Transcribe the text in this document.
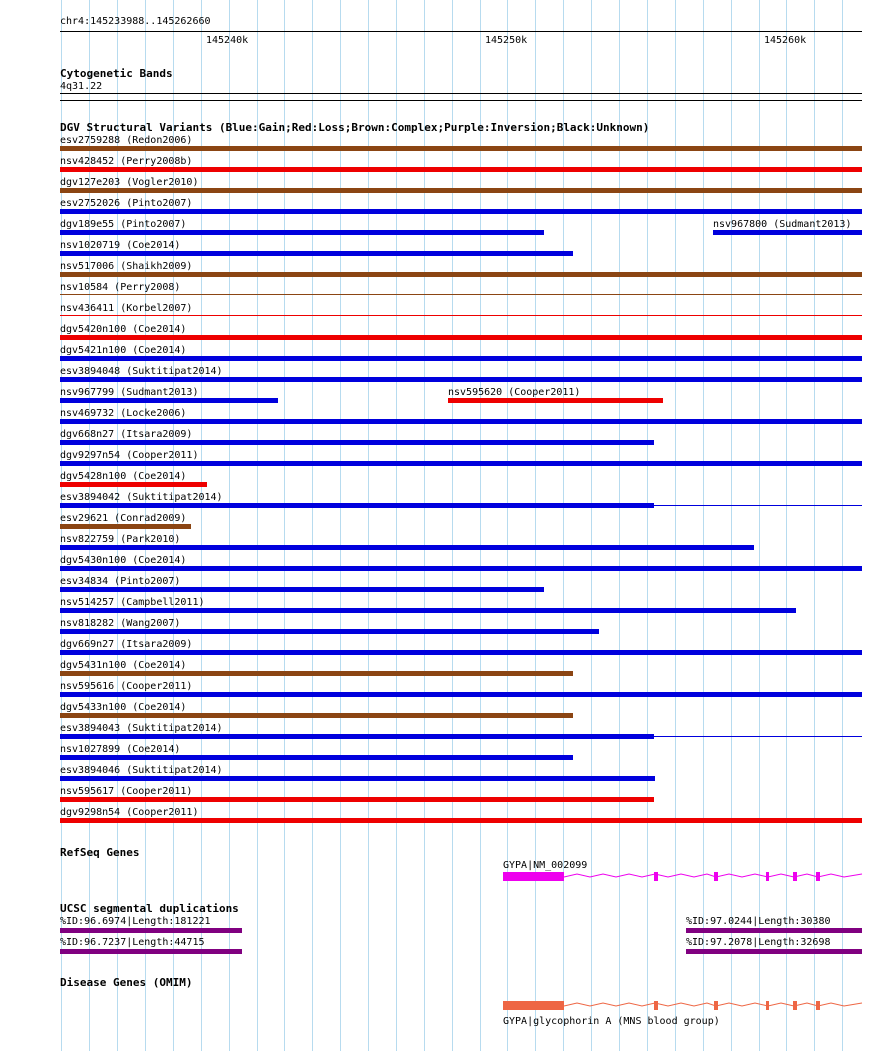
chr4:145233988..145262660
145240k	145250k	145260k
Cytogenetic Bands
4q31.22
DGV Structural Variants (Blue:Gain;Red:Loss;Brown:Complex;Purple:Inversion;Black:Unknown)
esv2759288 (Redon2006)
nsv428452 (Perry2008b)
dgv127e203 (Vogler2010)
esv2752026 (Pinto2007)
dgv189e55 (Pinto2007)	nsv967800 (Sudmant2013)
nsv1020719 (Coe2014)
nsv517006 (Shaikh2009)
nsv10584 (Perry2008)
nsv436411 (Korbel2007)
dgv5420n100 (Coe2014)
dgv5421n100 (Coe2014)
esv3894048 (Suktitipat2014)
nsv967799 (Sudmant2013)	nsv595620 (Cooper2011)
nsv469732 (Locke2006)
dgv668n27 (Itsara2009)
dgv9297n54 (Cooper2011)
dgv5428n100 (Coe2014)
esv3894042 (Suktitipat2014)
esv29621 (Conrad2009)
nsv822759 (Park2010)
dgv5430n100 (Coe2014)
esv34834 (Pinto2007)
nsv514257 (Campbell2011)
nsv818282 (Wang2007)
dgv669n27 (Itsara2009)
dgv5431n100 (Coe2014)
nsv595616 (Cooper2011)
dgv5433n100 (Coe2014)
esv3894043 (Suktitipat2014)
nsv1027899 (Coe2014)
esv3894046 (Suktitipat2014)
nsv595617 (Cooper2011)
dgv9298n54 (Cooper2011)
RefSeq Genes
GYPA|NM_002099
UCSC segmental duplications
%ID:96.6974|Length:181221	%ID:97.0244|Length:30380
%ID:96.7237|Length:44715	%ID:97.2078|Length:32698
Disease Genes (OMIM)
GYPA|glycophorin A (MNS blood group)
